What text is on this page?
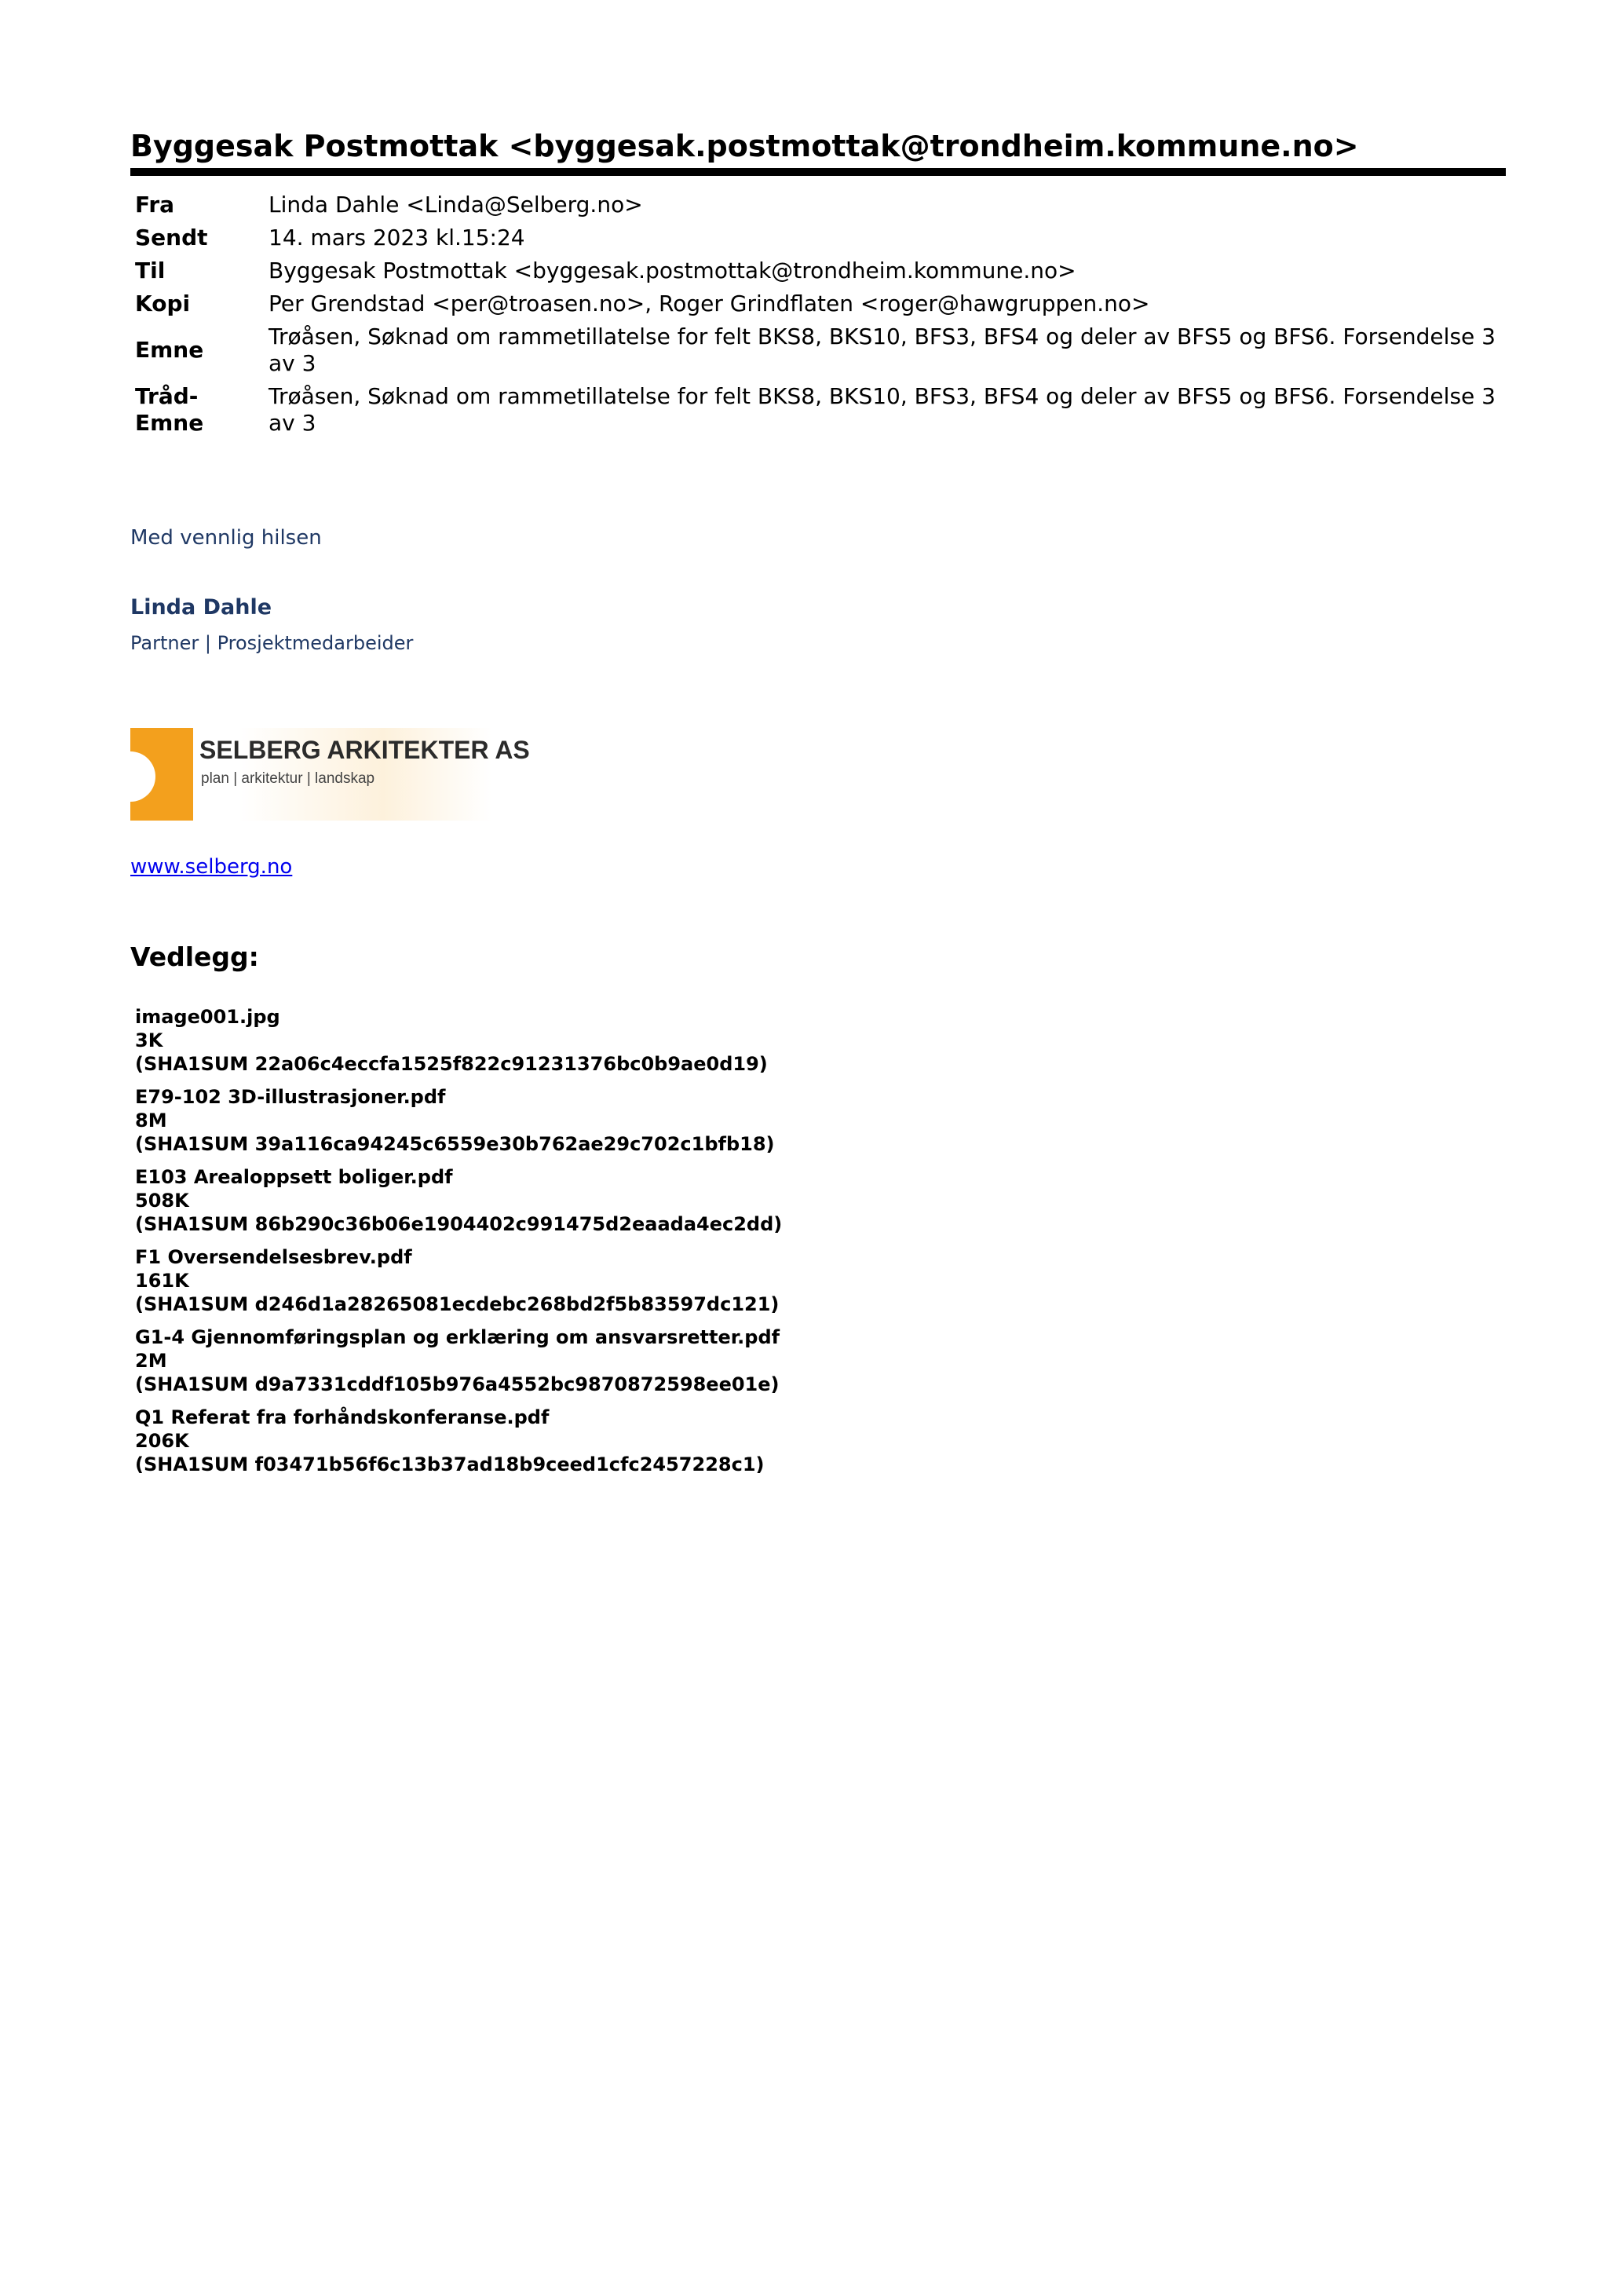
Byggesak Postmottak <byggesak.postmottak@trondheim.kommune.no>
Fra	Linda Dahle <Linda@Selberg.no>
Sendt	14. mars 2023 kl.15:24
Til	Byggesak Postmottak <byggesak.postmottak@trondheim.kommune.no>
Kopi	Per Grendstad <per@troasen.no>, Roger Grindflaten <roger@hawgruppen.no>
Emne	Trøåsen, Søknad om rammetillatelse for felt BKS8, BKS10, BFS3, BFS4 og deler av BFS5 og BFS6. Forsendelse 3 av 3
Tråd-Emne	Trøåsen, Søknad om rammetillatelse for felt BKS8, BKS10, BFS3, BFS4 og deler av BFS5 og BFS6. Forsendelse 3 av 3
Med vennlig hilsen
Linda Dahle
Partner | Prosjektmedarbeider
SELBERG ARKITEKTER AS
plan | arkitektur | landskap
www.selberg.no
Vedlegg:
image001.jpg
3K
(SHA1SUM 22a06c4eccfa1525f822c91231376bc0b9ae0d19)
E79-102 3D-illustrasjoner.pdf
8M
(SHA1SUM 39a116ca94245c6559e30b762ae29c702c1bfb18)
E103 Arealoppsett boliger.pdf
508K
(SHA1SUM 86b290c36b06e1904402c991475d2eaada4ec2dd)
F1 Oversendelsesbrev.pdf
161K
(SHA1SUM d246d1a28265081ecdebc268bd2f5b83597dc121)
G1-4 Gjennomføringsplan og erklæring om ansvarsretter.pdf
2M
(SHA1SUM d9a7331cddf105b976a4552bc9870872598ee01e)
Q1 Referat fra forhåndskonferanse.pdf
206K
(SHA1SUM f03471b56f6c13b37ad18b9ceed1cfc2457228c1)
